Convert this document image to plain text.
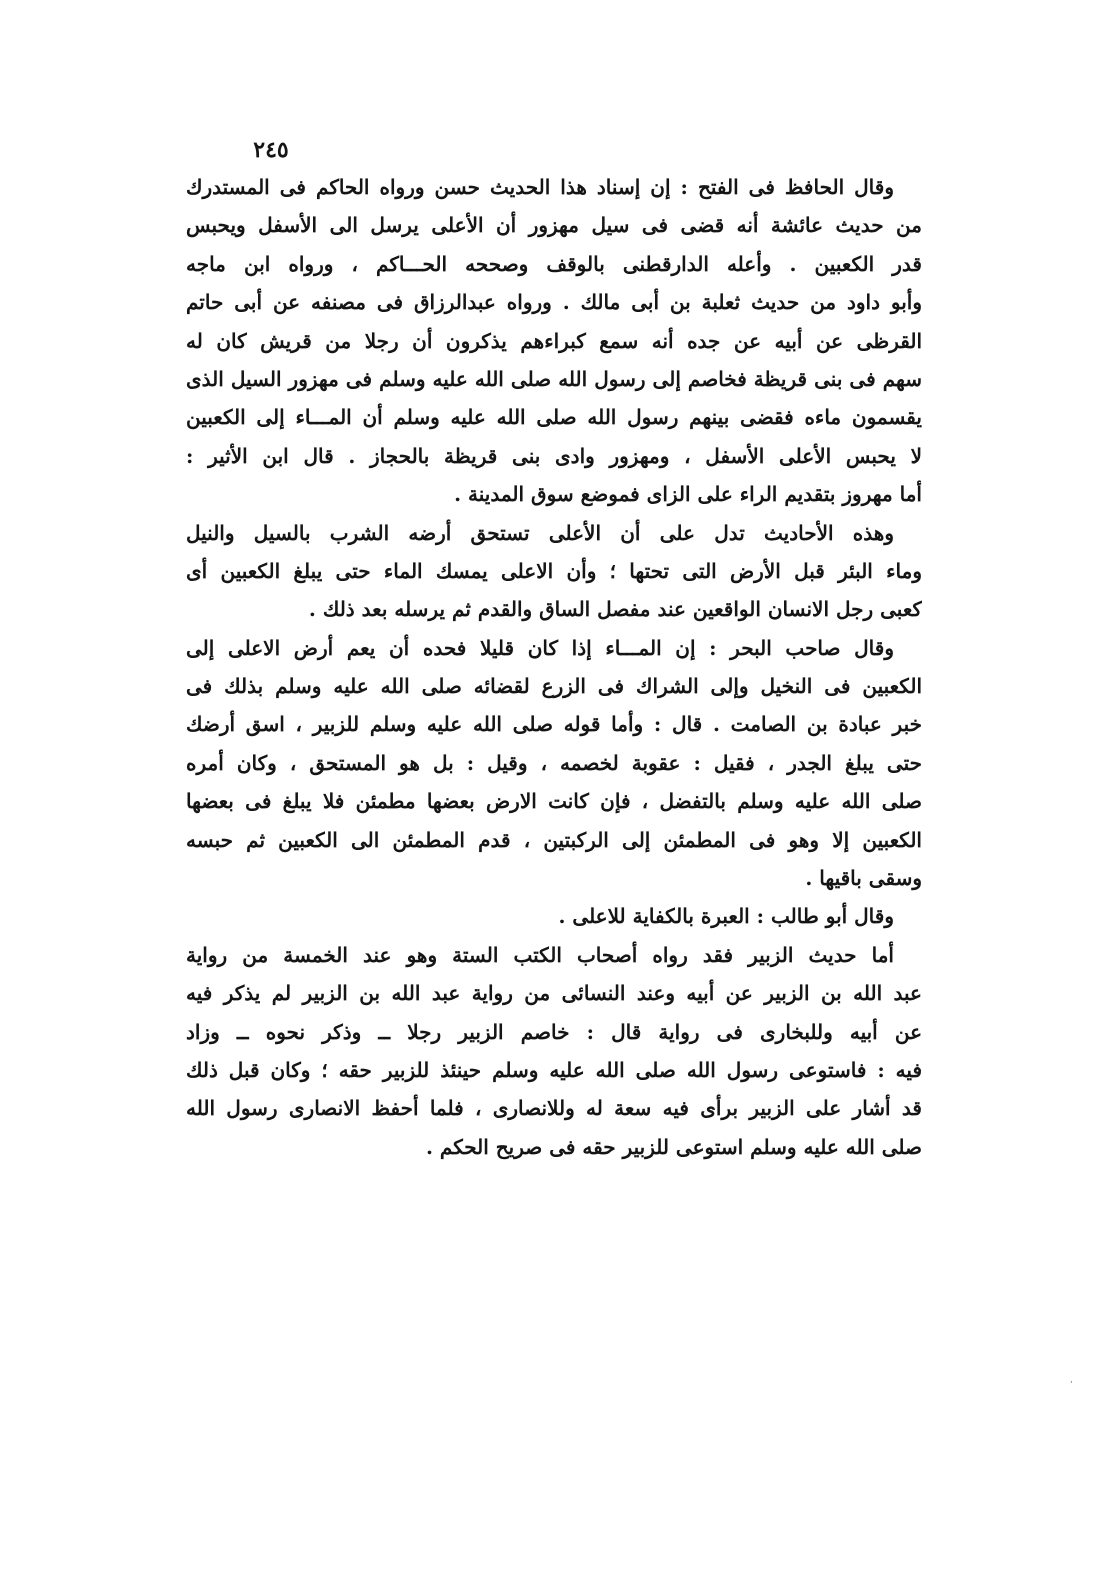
٢٤٥
وقال الحافظ فى الفتح : إن إسناد هذا الحديث حسن ورواه الحاكم فى المستدرك
من حديث عائشة أنه قضى فى سيل مهزور أن الأعلى يرسل الى الأسفل ويحبس
قدر الكعبين . وأعله الدارقطنى بالوقف وصححه الحـــاكم ، ورواه ابن ماجه
وأبو داود من حديث ثعلبة بن أبى مالك . ورواه عبدالرزاق فى مصنفه عن أبى حاتم
القرظى عن أبيه عن جده أنه سمع كبراءهم يذكرون أن رجلا من قريش كان له
سهم فى بنى قريظة فخاصم إلى رسول الله صلى الله عليه وسلم فى مهزور السيل الذى
يقسمون ماءه فقضى بينهم رسول الله صلى الله عليه وسلم أن المـــاء إلى الكعبين
لا يحبس الأعلى الأسفل ، ومهزور وادى بنى قريظة بالحجاز . قال ابن الأثير :
أما مهروز بتقديم الراء على الزاى فموضع سوق المدينة .
وهذه الأحاديث تدل على أن الأعلى تستحق أرضه الشرب بالسيل والنيل
وماء البئر قبل الأرض التى تحتها ؛ وأن الاعلى يمسك الماء حتى يبلغ الكعبين أى
كعبى رجل الانسان الواقعين عند مفصل الساق والقدم ثم يرسله بعد ذلك .
وقال صاحب البحر : إن المـــاء إذا كان قليلا فحده أن يعم أرض الاعلى إلى
الكعبين فى النخيل وإلى الشراك فى الزرع لقضائه صلى الله عليه وسلم بذلك فى
خبر عبادة بن الصامت . قال : وأما قوله صلى الله عليه وسلم للزبير ، اسق أرضك
حتى يبلغ الجدر ، فقيل : عقوبة لخصمه ، وقيل : بل هو المستحق ، وكان أمره
صلى الله عليه وسلم بالتفضل ، فإن كانت الارض بعضها مطمئن فلا يبلغ فى بعضها
الكعبين إلا وهو فى المطمئن إلى الركبتين ، قدم المطمئن الى الكعبين ثم حبسه
وسقى باقيها .
وقال أبو طالب : العبرة بالكفاية للاعلى .
أما حديث الزبير فقد رواه أصحاب الكتب الستة وهو عند الخمسة من رواية
عبد الله بن الزبير عن أبيه وعند النسائى من رواية عبد الله بن الزبير لم يذكر فيه
عن أبيه وللبخارى فى رواية قال : خاصم الزبير رجلا ــ وذكر نحوه ــ وزاد
فيه : فاستوعى رسول الله صلى الله عليه وسلم حينئذ للزبير حقه ؛ وكان قبل ذلك
قد أشار على الزبير برأى فيه سعة له وللانصارى ، فلما أحفظ الانصارى رسول الله
صلى الله عليه وسلم استوعى للزبير حقه فى صريح الحكم .
·
